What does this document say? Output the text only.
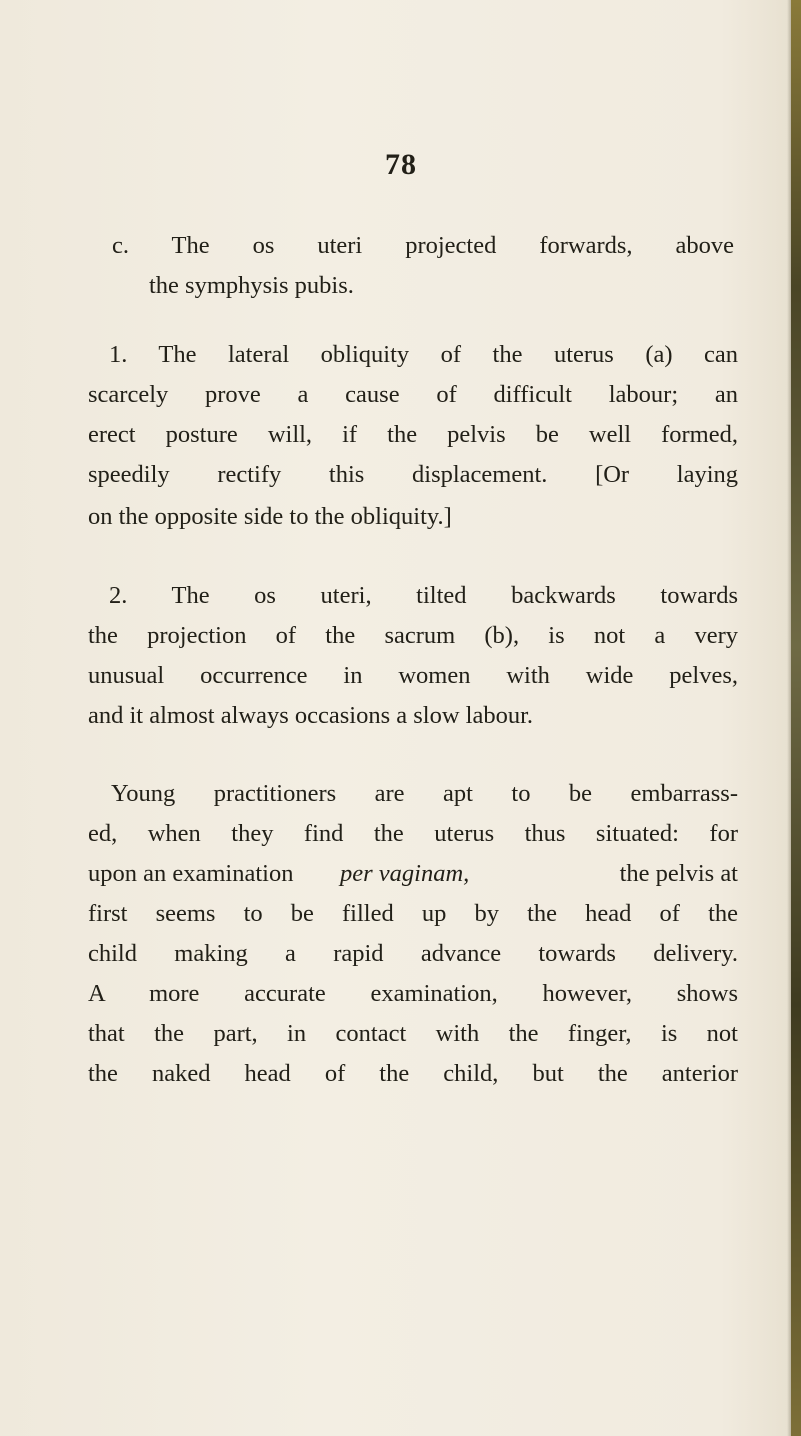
78
c. The os uteri projected forwards, above
the symphysis pubis.
1. The lateral obliquity of the uterus (a) can
scarcely prove a cause of difficult labour; an
erect posture will, if the pelvis be well formed,
speedily rectify this displacement. [Or laying
on the opposite side to the obliquity.]
2. The os uteri, tilted backwards towards
the projection of the sacrum (b), is not a very
unusual occurrence in women with wide pelves,
and it almost always occasions a slow labour.
Young practitioners are apt to be embarrass-
ed, when they find the uterus thus situated: for
upon an examination per vaginam,	the pelvis at
first seems to be filled up by the head of the
child making a rapid advance towards delivery.
A more accurate examination, however, shows
that the part, in contact with the finger, is not
the naked head of the child, but the anterior
